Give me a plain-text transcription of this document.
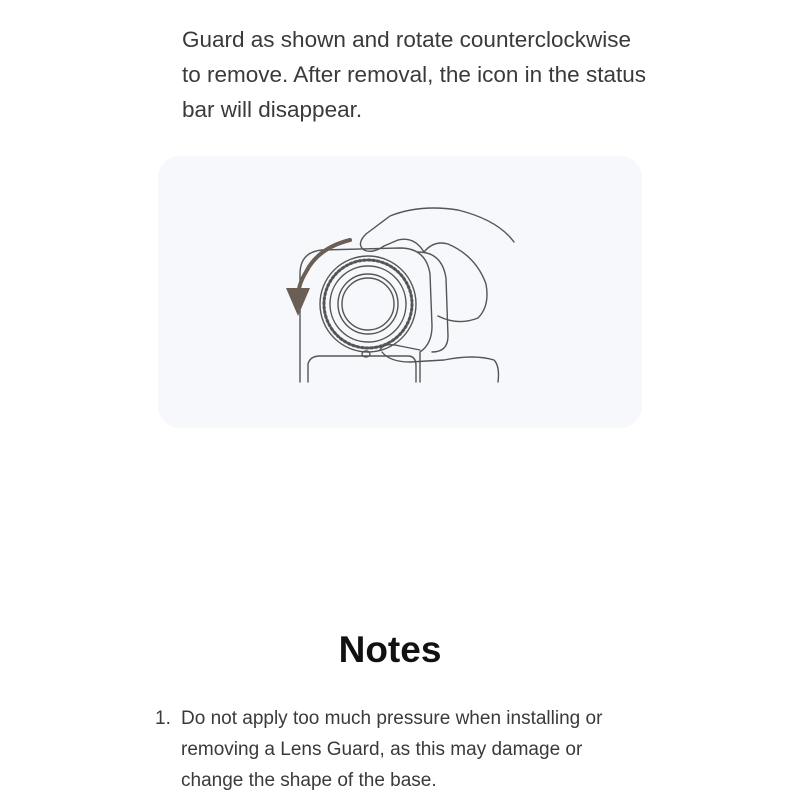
Guard as shown and rotate counterclockwise to remove. After removal, the icon in the status bar will disappear.

Notes
1. Do not apply too much pressure when installing or removing a Lens Guard, as this may damage or change the shape of the base.
